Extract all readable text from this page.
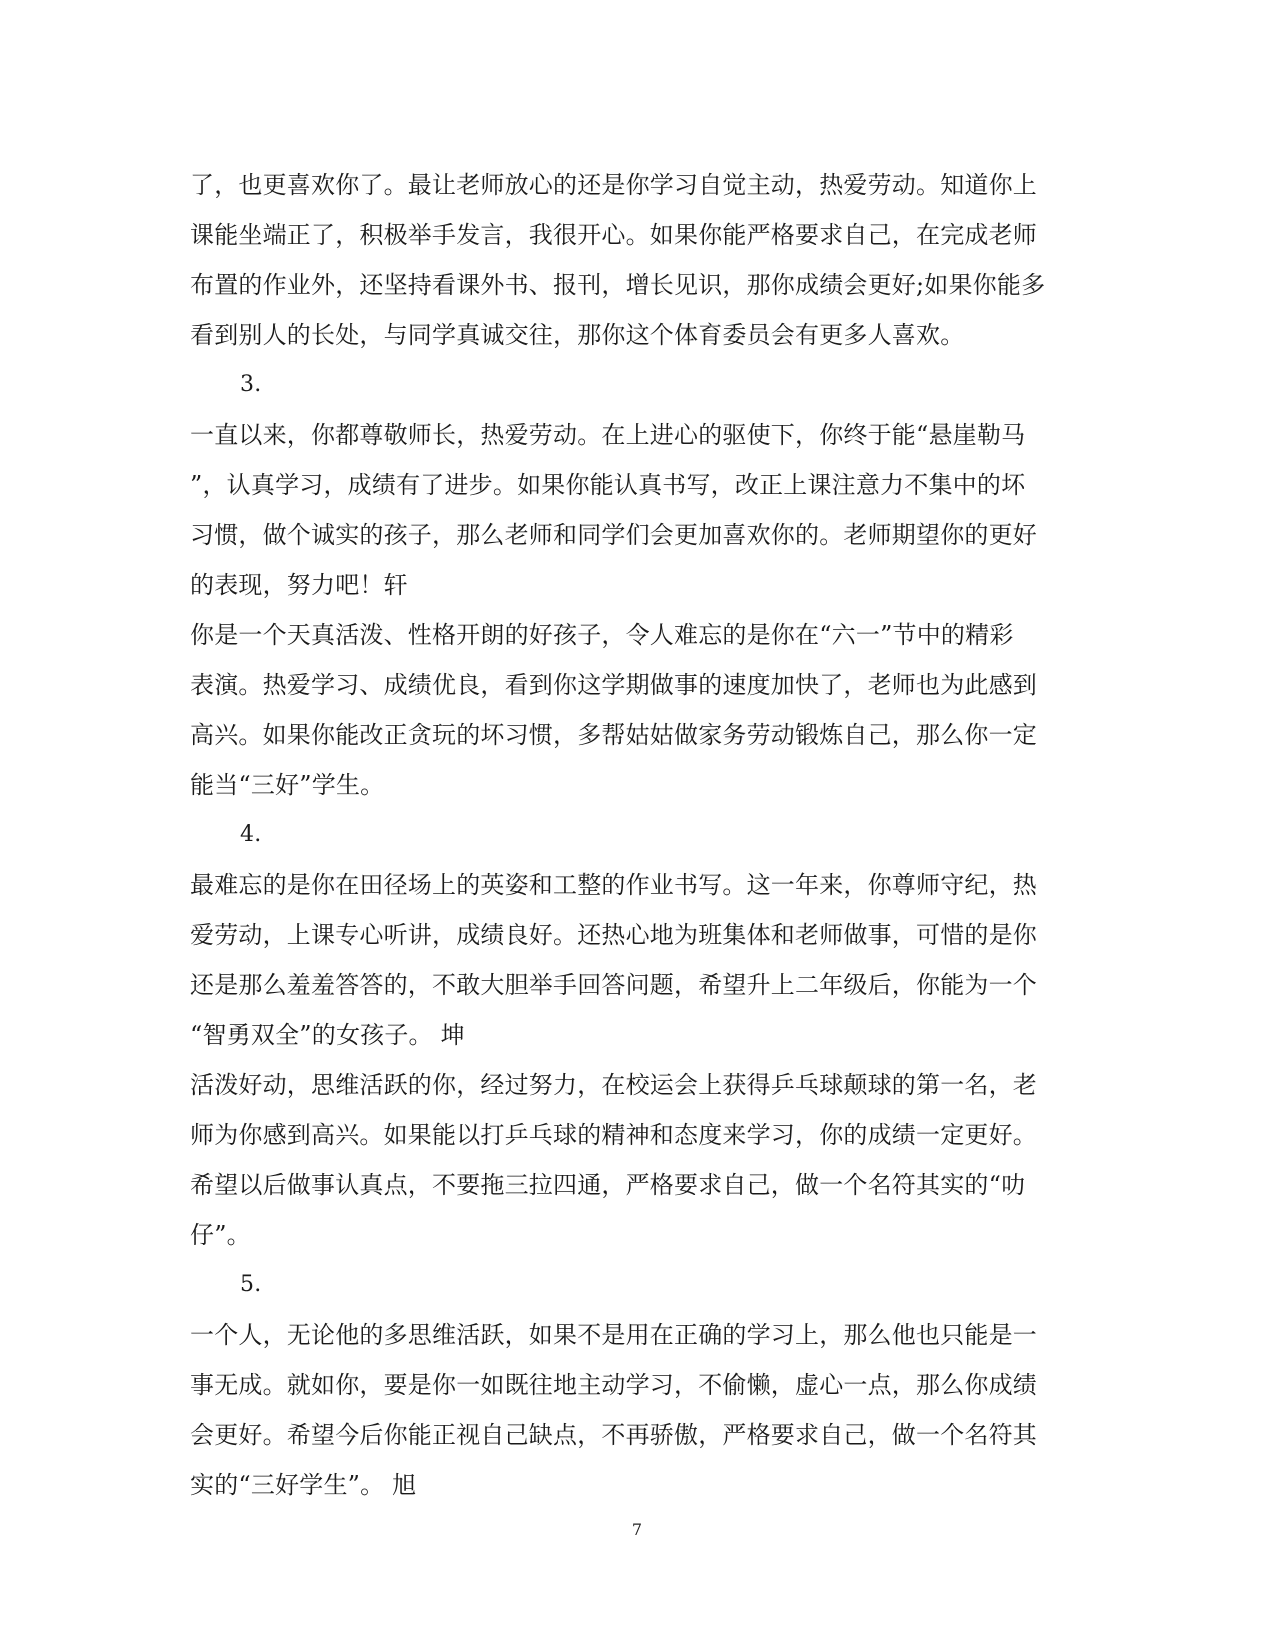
了，也更喜欢你了。最让老师放心的还是你学习自觉主动，热爱劳动。知道你上
课能坐端正了，积极举手发言，我很开心。如果你能严格要求自己，在完成老师
布置的作业外，还坚持看课外书、报刊，增长见识，那你成绩会更好;如果你能多
看到别人的长处，与同学真诚交往，那你这个体育委员会有更多人喜欢。
3.
一直以来，你都尊敬师长，热爱劳动。在上进心的驱使下，你终于能“悬崖勒马
”，认真学习，成绩有了进步。如果你能认真书写，改正上课注意力不集中的坏
习惯，做个诚实的孩子，那么老师和同学们会更加喜欢你的。老师期望你的更好
的表现，努力吧！轩
你是一个天真活泼、性格开朗的好孩子，令人难忘的是你在“六一”节中的精彩
表演。热爱学习、成绩优良，看到你这学期做事的速度加快了，老师也为此感到
高兴。如果你能改正贪玩的坏习惯，多帮姑姑做家务劳动锻炼自己，那么你一定
能当“三好”学生。
4.
最难忘的是你在田径场上的英姿和工整的作业书写。这一年来，你尊师守纪，热
爱劳动，上课专心听讲，成绩良好。还热心地为班集体和老师做事，可惜的是你
还是那么羞羞答答的，不敢大胆举手回答问题，希望升上二年级后，你能为一个
“智勇双全”的女孩子。 坤
活泼好动，思维活跃的你，经过努力，在校运会上获得乒乓球颠球的第一名，老
师为你感到高兴。如果能以打乒乓球的精神和态度来学习，你的成绩一定更好。
希望以后做事认真点，不要拖三拉四通，严格要求自己，做一个名符其实的“叻
仔”。
5.
一个人，无论他的多思维活跃，如果不是用在正确的学习上，那么他也只能是一
事无成。就如你，要是你一如既往地主动学习，不偷懒，虚心一点，那么你成绩
会更好。希望今后你能正视自己缺点，不再骄傲，严格要求自己，做一个名符其
实的“三好学生”。 旭
7
